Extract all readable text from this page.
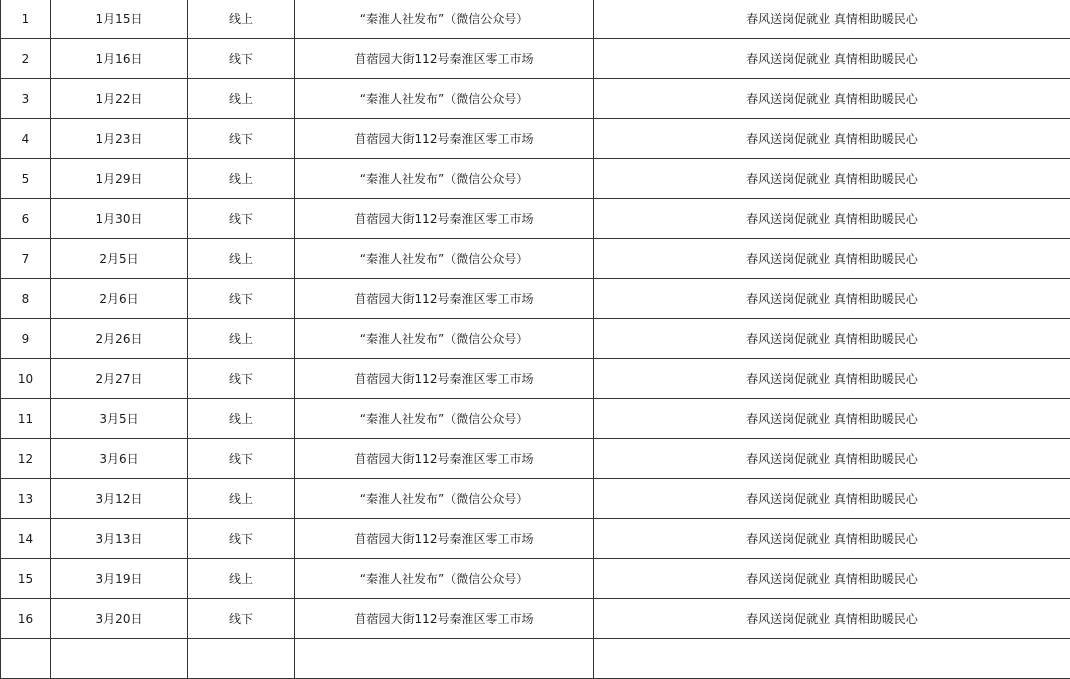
1	1月15日	线上	“秦淮人社发布”（微信公众号）	春风送岗促就业 真情相助暖民心
2	1月16日	线下	苜蓿园大街112号秦淮区零工市场	春风送岗促就业 真情相助暖民心
3	1月22日	线上	“秦淮人社发布”（微信公众号）	春风送岗促就业 真情相助暖民心
4	1月23日	线下	苜蓿园大街112号秦淮区零工市场	春风送岗促就业 真情相助暖民心
5	1月29日	线上	“秦淮人社发布”（微信公众号）	春风送岗促就业 真情相助暖民心
6	1月30日	线下	苜蓿园大街112号秦淮区零工市场	春风送岗促就业 真情相助暖民心
7	2月5日	线上	“秦淮人社发布”（微信公众号）	春风送岗促就业 真情相助暖民心
8	2月6日	线下	苜蓿园大街112号秦淮区零工市场	春风送岗促就业 真情相助暖民心
9	2月26日	线上	“秦淮人社发布”（微信公众号）	春风送岗促就业 真情相助暖民心
10	2月27日	线下	苜蓿园大街112号秦淮区零工市场	春风送岗促就业 真情相助暖民心
11	3月5日	线上	“秦淮人社发布”（微信公众号）	春风送岗促就业 真情相助暖民心
12	3月6日	线下	苜蓿园大街112号秦淮区零工市场	春风送岗促就业 真情相助暖民心
13	3月12日	线上	“秦淮人社发布”（微信公众号）	春风送岗促就业 真情相助暖民心
14	3月13日	线下	苜蓿园大街112号秦淮区零工市场	春风送岗促就业 真情相助暖民心
15	3月19日	线上	“秦淮人社发布”（微信公众号）	春风送岗促就业 真情相助暖民心
16	3月20日	线下	苜蓿园大街112号秦淮区零工市场	春风送岗促就业 真情相助暖民心
